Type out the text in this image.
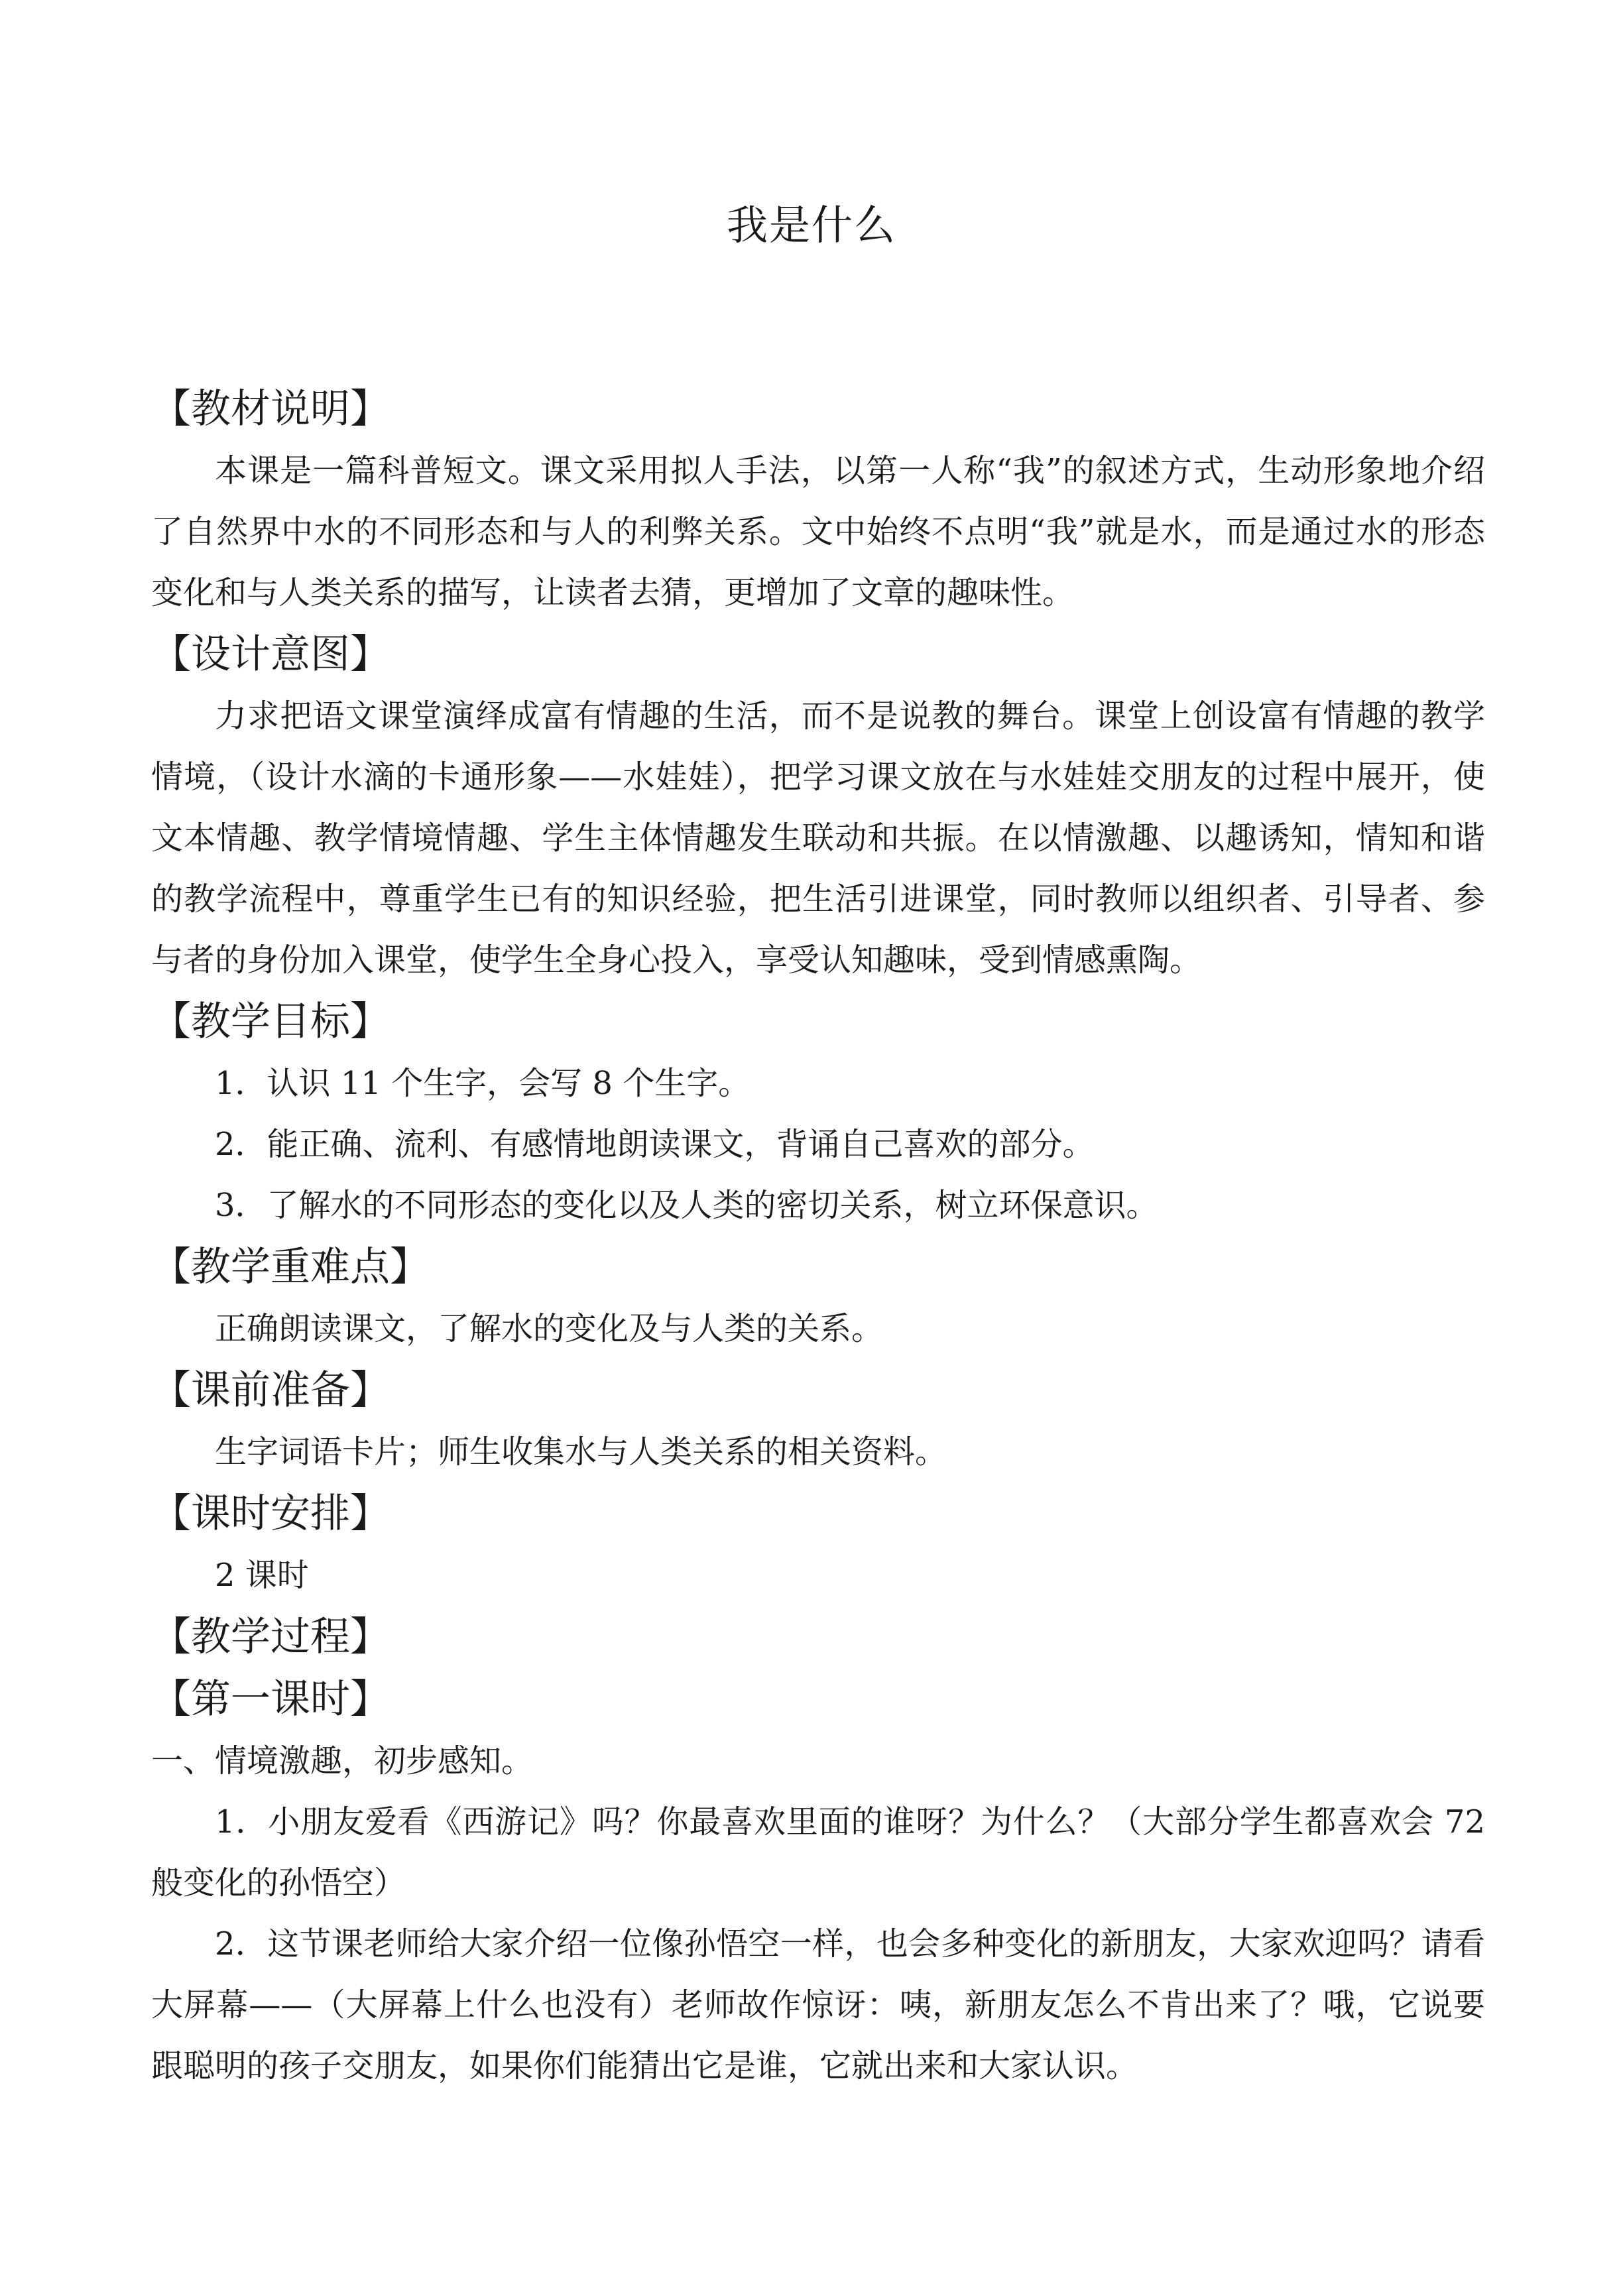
我是什么
【教材说明】

本课是一篇科普短文。课文采用拟人手法，以第一人称“我”的叙述方式，生动形象地介绍了自然界中水的不同形态和与人的利弊关系。文中始终不点明“我”就是水，而是通过水的形态变化和与人类关系的描写，让读者去猜，更增加了文章的趣味性。

【设计意图】

力求把语文课堂演绎成富有情趣的生活，而不是说教的舞台。课堂上创设富有情趣的教学情境，（设计水滴的卡通形象——水娃娃），把学习课文放在与水娃娃交朋友的过程中展开，使文本情趣、教学情境情趣、学生主体情趣发生联动和共振。在以情激趣、以趣诱知，情知和谐的教学流程中，尊重学生已有的知识经验，把生活引进课堂，同时教师以组织者、引导者、参与者的身份加入课堂，使学生全身心投入，享受认知趣味，受到情感熏陶。

【教学目标】
1．认识 11 个生字，会写 8 个生字。
2．能正确、流利、有感情地朗读课文，背诵自己喜欢的部分。
3．了解水的不同形态的变化以及人类的密切关系，树立环保意识。
【教学重难点】
正确朗读课文，了解水的变化及与人类的关系。
【课前准备】
生字词语卡片；师生收集水与人类关系的相关资料。
【课时安排】
2 课时
【教学过程】
【第一课时】
一、情境激趣，初步感知。

1．小朋友爱看《西游记》吗？你最喜欢里面的谁呀？为什么？（大部分学生都喜欢会 72 般变化的孙悟空）

2．这节课老师给大家介绍一位像孙悟空一样，也会多种变化的新朋友，大家欢迎吗？请看大屏幕——（大屏幕上什么也没有）老师故作惊讶：咦，新朋友怎么不肯出来了？哦，它说要跟聪明的孩子交朋友，如果你们能猜出它是谁，它就出来和大家认识。
